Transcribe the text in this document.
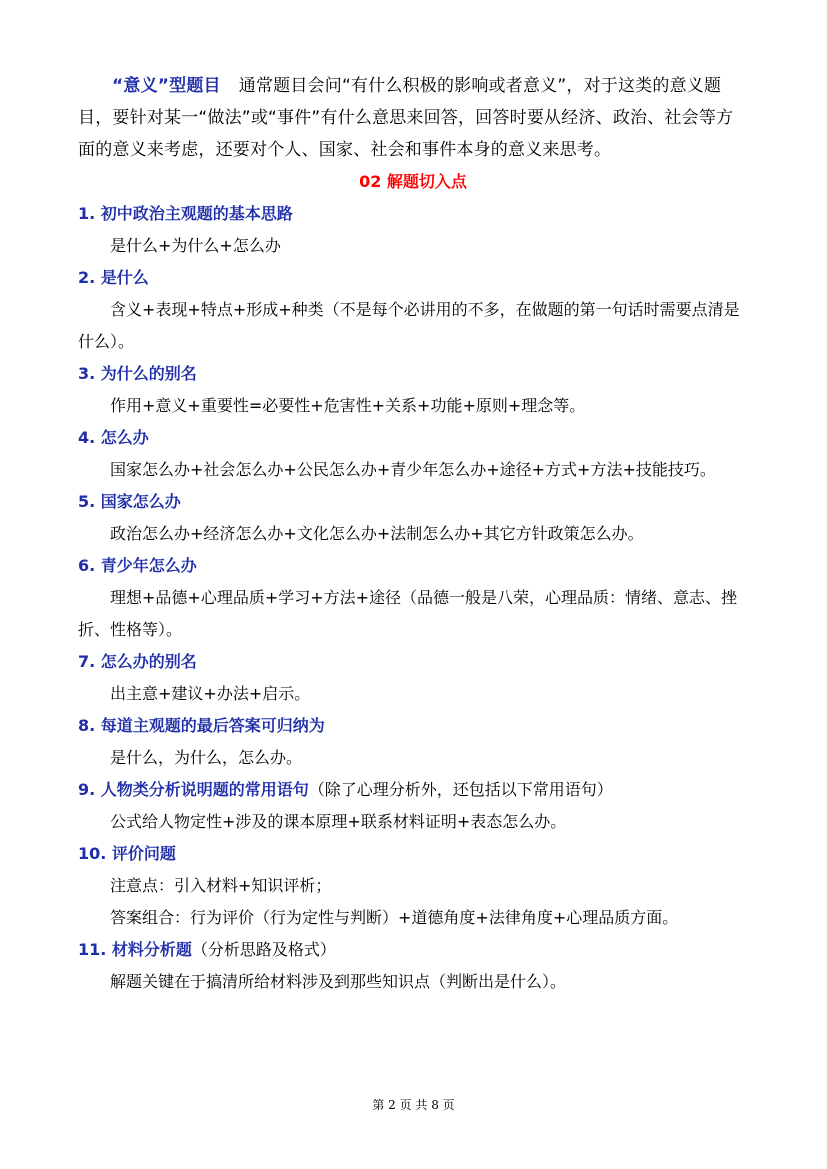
“意义”型题目 通常题目会问“有什么积极的影响或者意义”，对于这类的意义题目，要针对某一“做法”或“事件”有什么意思来回答，回答时要从经济、政治、社会等方面的意义来考虑，还要对个人、国家、社会和事件本身的意义来思考。

02 解题切入点

1. 初中政治主观题的基本思路

是什么+为什么+怎么办

2. 是什么

含义+表现+特点+形成+种类（不是每个必讲用的不多，在做题的第一句话时需要点清是什么）。

3. 为什么的别名

作用+意义+重要性=必要性+危害性+关系+功能+原则+理念等。

4. 怎么办

国家怎么办+社会怎么办+公民怎么办+青少年怎么办+途径+方式+方法+技能技巧。

5. 国家怎么办

政治怎么办+经济怎么办+文化怎么办+法制怎么办+其它方针政策怎么办。

6. 青少年怎么办

理想+品德+心理品质+学习+方法+途径（品德一般是八荣，心理品质：情绪、意志、挫折、性格等）。

7. 怎么办的别名

出主意+建议+办法+启示。

8. 每道主观题的最后答案可归纳为

是什么，为什么，怎么办。

9. 人物类分析说明题的常用语句（除了心理分析外，还包括以下常用语句）

公式给人物定性+涉及的课本原理+联系材料证明+表态怎么办。

10. 评价问题

注意点：引入材料+知识评析；

答案组合：行为评价（行为定性与判断）+道德角度+法律角度+心理品质方面。

11. 材料分析题（分析思路及格式）

解题关键在于搞清所给材料涉及到那些知识点（判断出是什么）。

第 2 页 共 8 页
